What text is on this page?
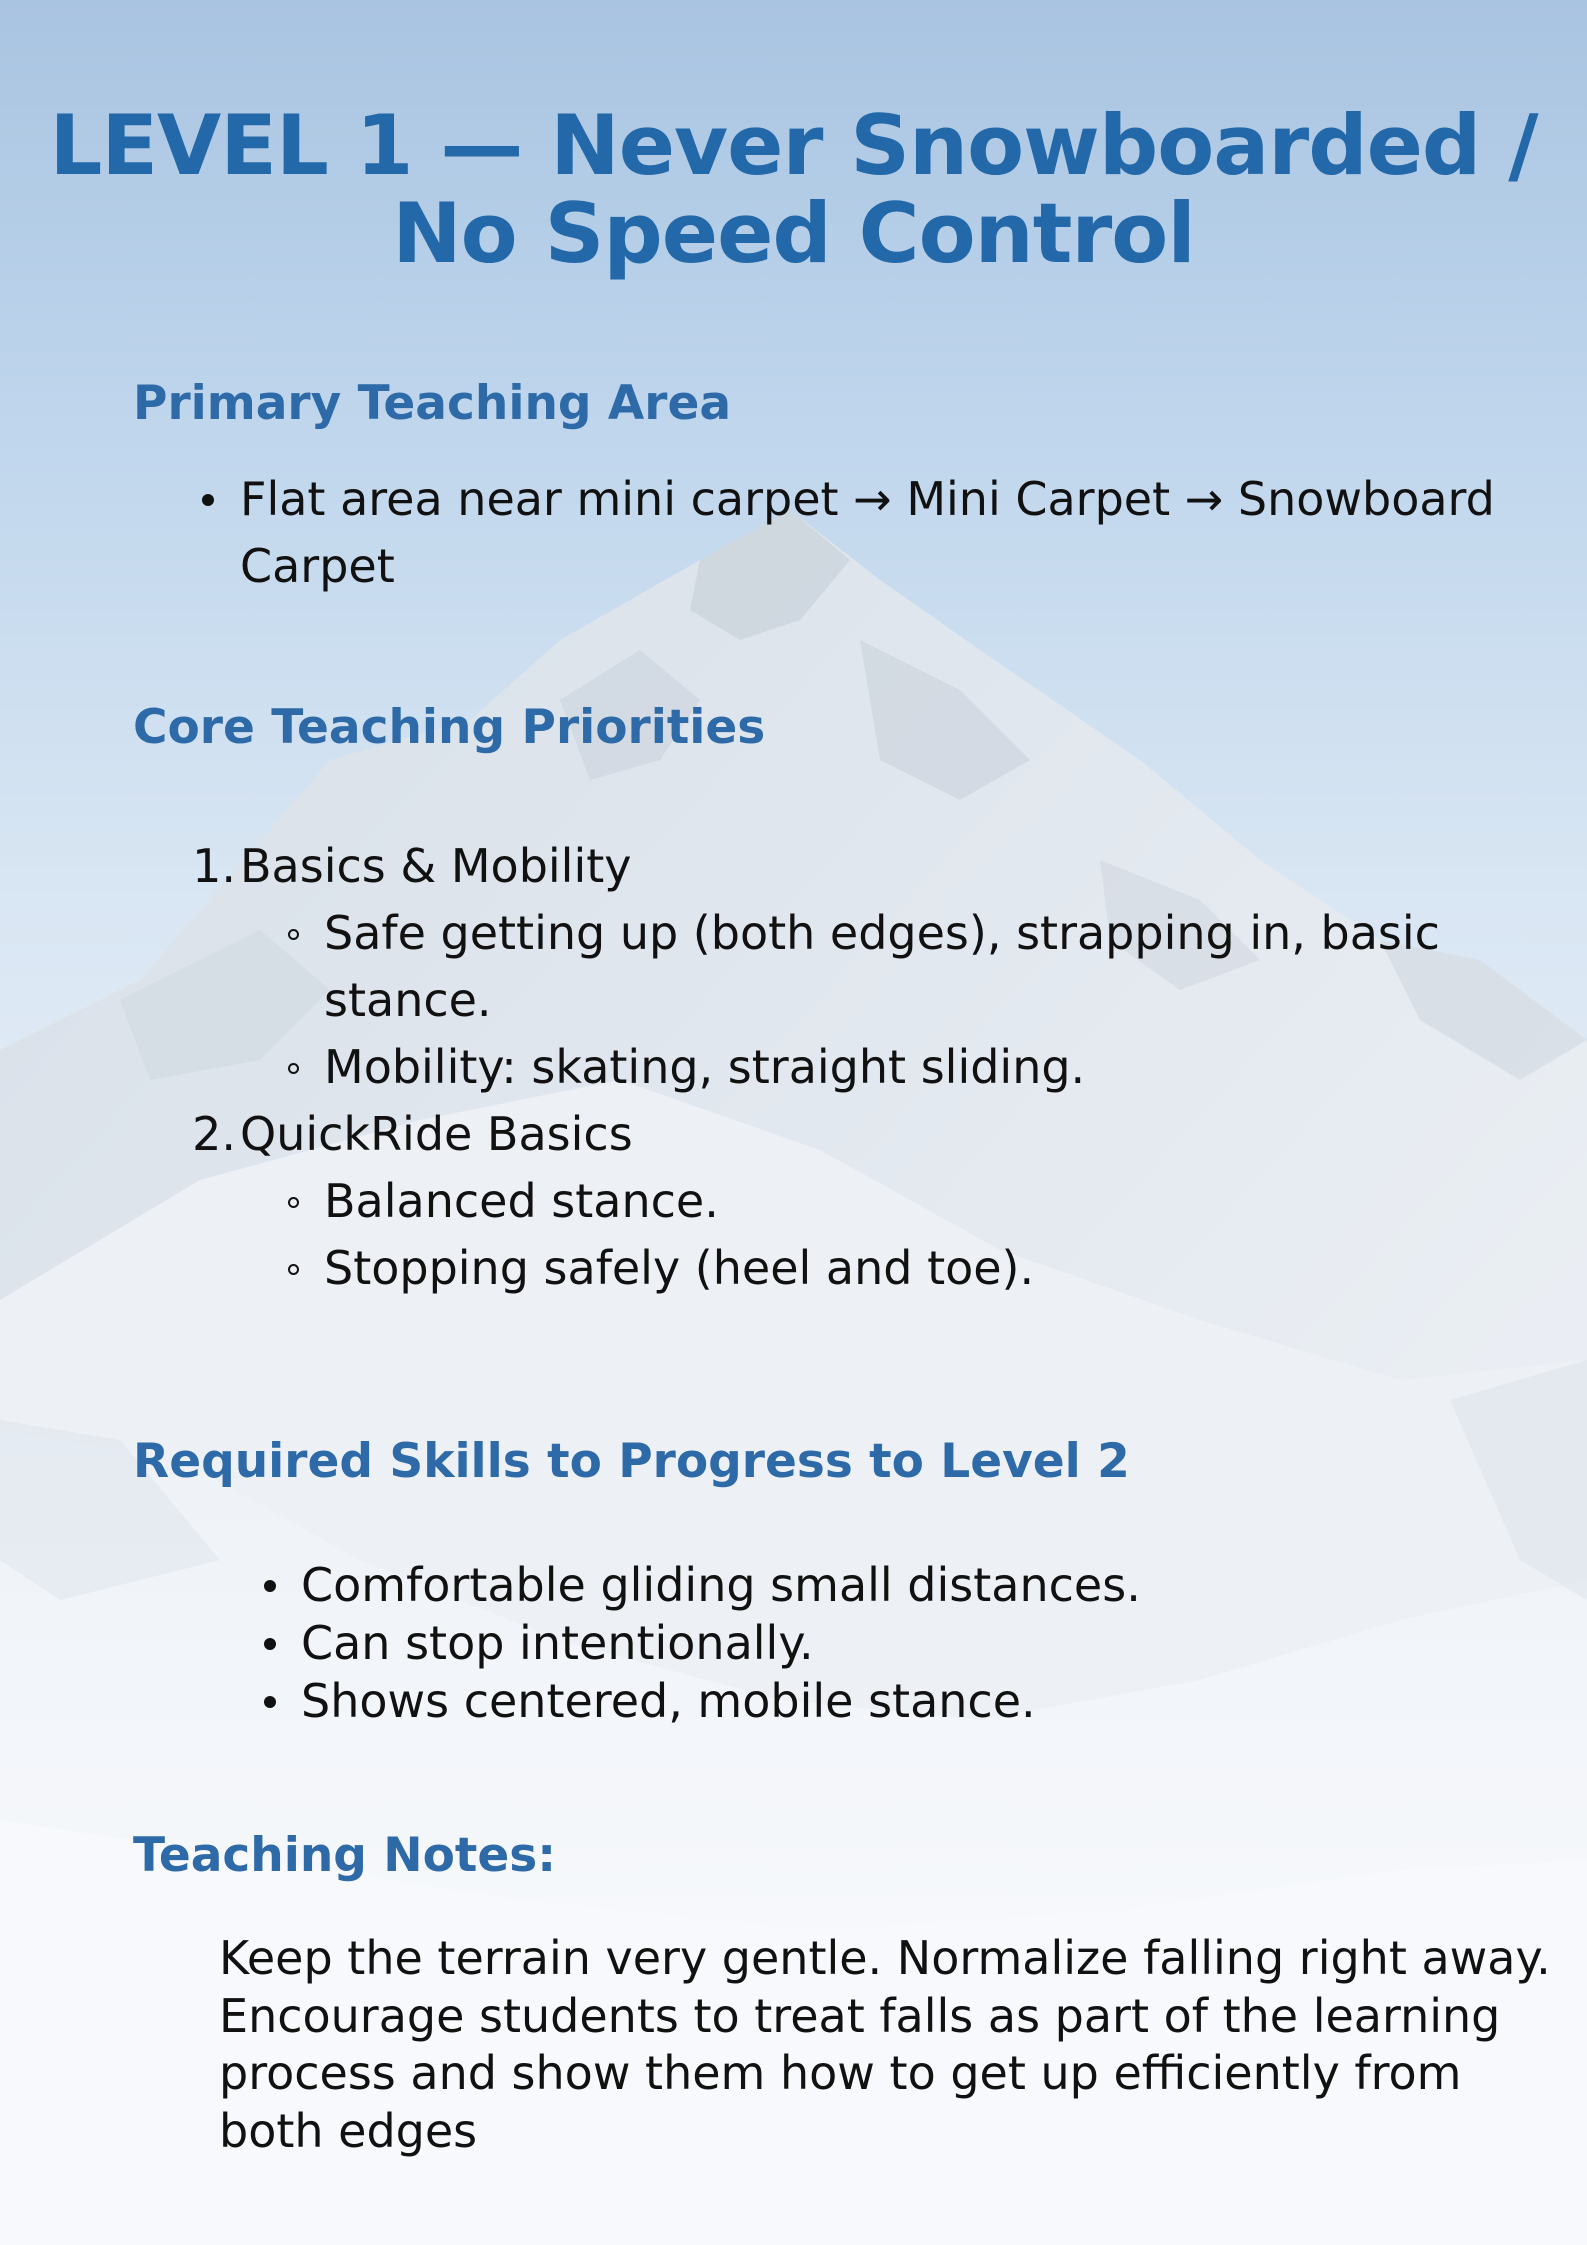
LEVEL 1 — Never Snowboarded /
No Speed Control
Primary Teaching Area
Flat area near mini carpet → Mini Carpet → Snowboard
Carpet
Core Teaching Priorities
1. Basics & Mobility
Safe getting up (both edges), strapping in, basic
stance.
Mobility: skating, straight sliding.
2. QuickRide Basics
Balanced stance.
Stopping safely (heel and toe).
Required Skills to Progress to Level 2
Comfortable gliding small distances.
Can stop intentionally.
Shows centered, mobile stance.
Teaching Notes:
Keep the terrain very gentle. Normalize falling right away.
Encourage students to treat falls as part of the learning
process and show them how to get up efficiently from
both edges
